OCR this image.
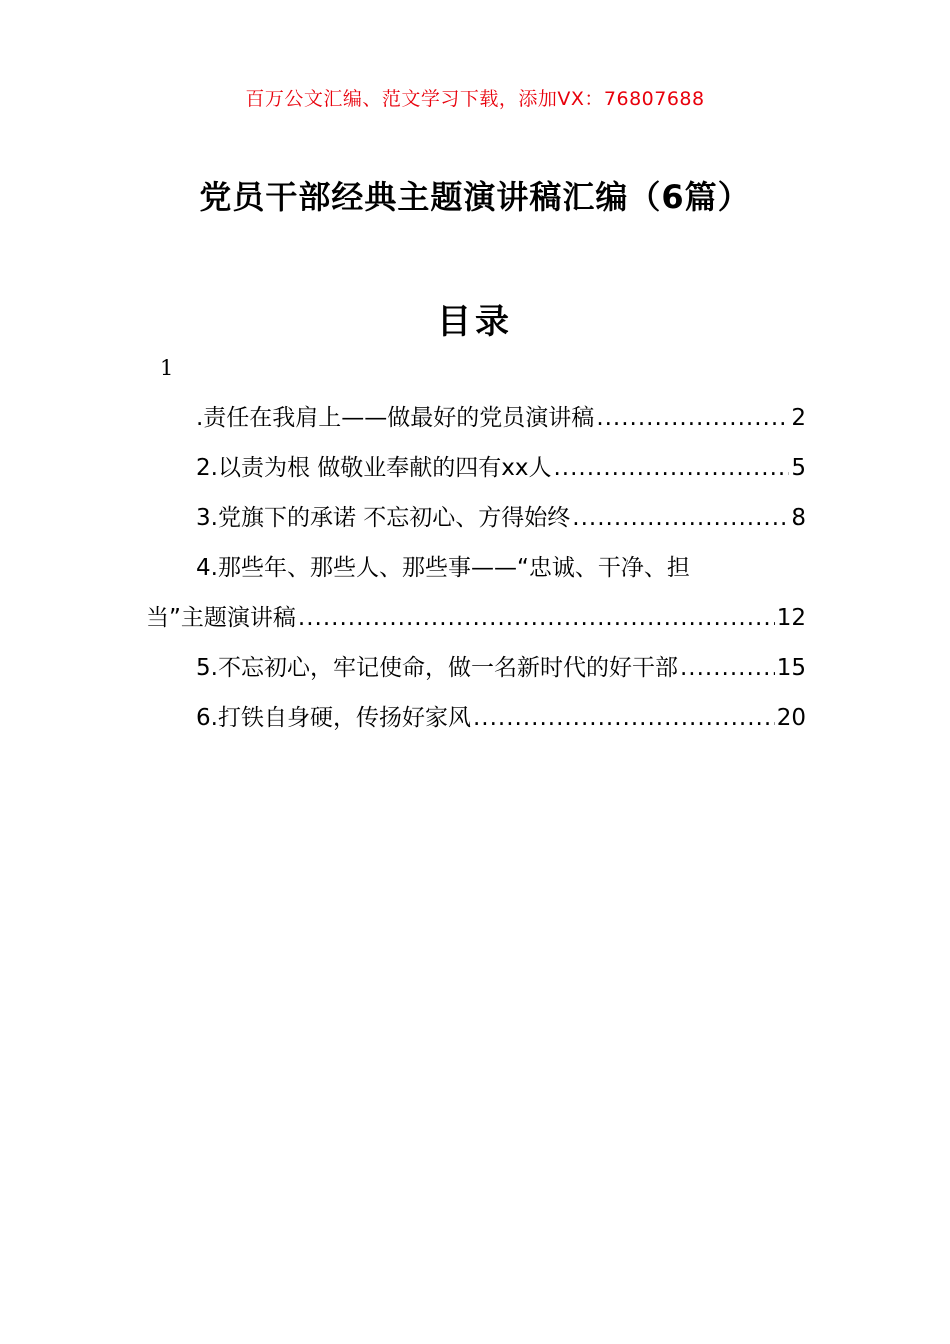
百万公文汇编、范文学习下载，添加VX：76807688
党员干部经典主题演讲稿汇编（6篇）
目录
1
.责任在我肩上——做最好的党员演讲稿 .....	2
2.以责为根 做敬业奉献的四有xx人 .....	5
3.党旗下的承诺 不忘初心、方得始终 .....	8
4.那些年、那些人、那些事——“忠诚、干净、担
当”主题演讲稿 .....	12
5.不忘初心，牢记使命，做一名新时代的好干部 .....	15
6.打铁自身硬，传扬好家风 .....	20
